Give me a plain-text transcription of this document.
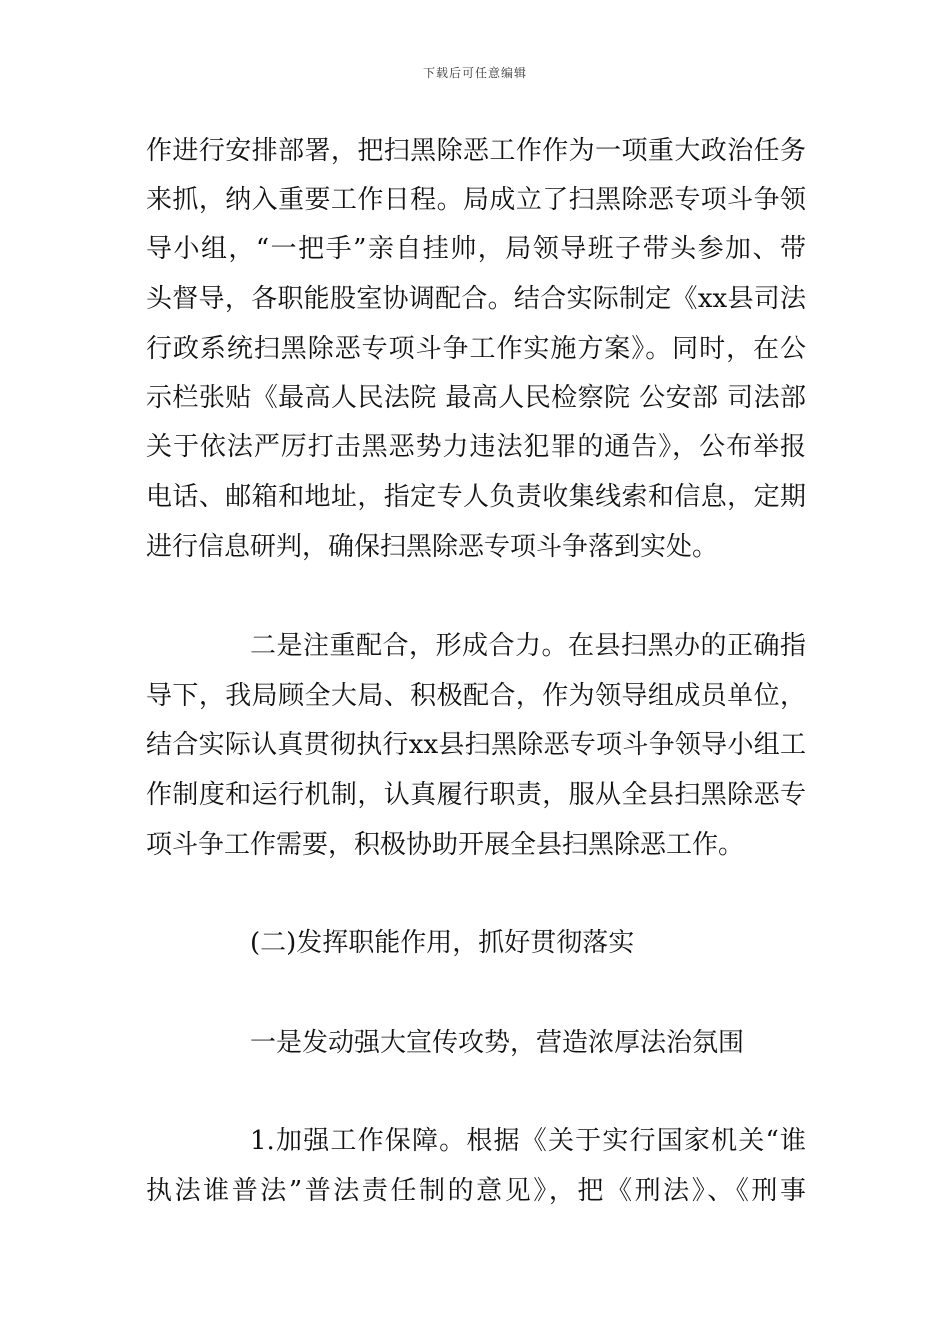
下载后可任意编辑
作进行安排部署，把扫黑除恶工作作为一项重大政治任务
来抓，纳入重要工作日程。局成立了扫黑除恶专项斗争领
导小组，“一把手”亲自挂帅，局领导班子带头参加、带
头督导，各职能股室协调配合。结合实际制定《xx县司法
行政系统扫黑除恶专项斗争工作实施方案》。同时，在公
示栏张贴《最高人民法院 最高人民检察院 公安部 司法部
关于依法严厉打击黑恶势力违法犯罪的通告》，公布举报
电话、邮箱和地址，指定专人负责收集线索和信息，定期
进行信息研判，确保扫黑除恶专项斗争落到实处。
二是注重配合，形成合力。在县扫黑办的正确指
导下，我局顾全大局、积极配合，作为领导组成员单位，
结合实际认真贯彻执行xx县扫黑除恶专项斗争领导小组工
作制度和运行机制，认真履行职责，服从全县扫黑除恶专
项斗争工作需要，积极协助开展全县扫黑除恶工作。
(二)发挥职能作用，抓好贯彻落实
一是发动强大宣传攻势，营造浓厚法治氛围
1.加强工作保障。根据《关于实行国家机关“谁
执法谁普法”普法责任制的意见》，把《刑法》、《刑事
